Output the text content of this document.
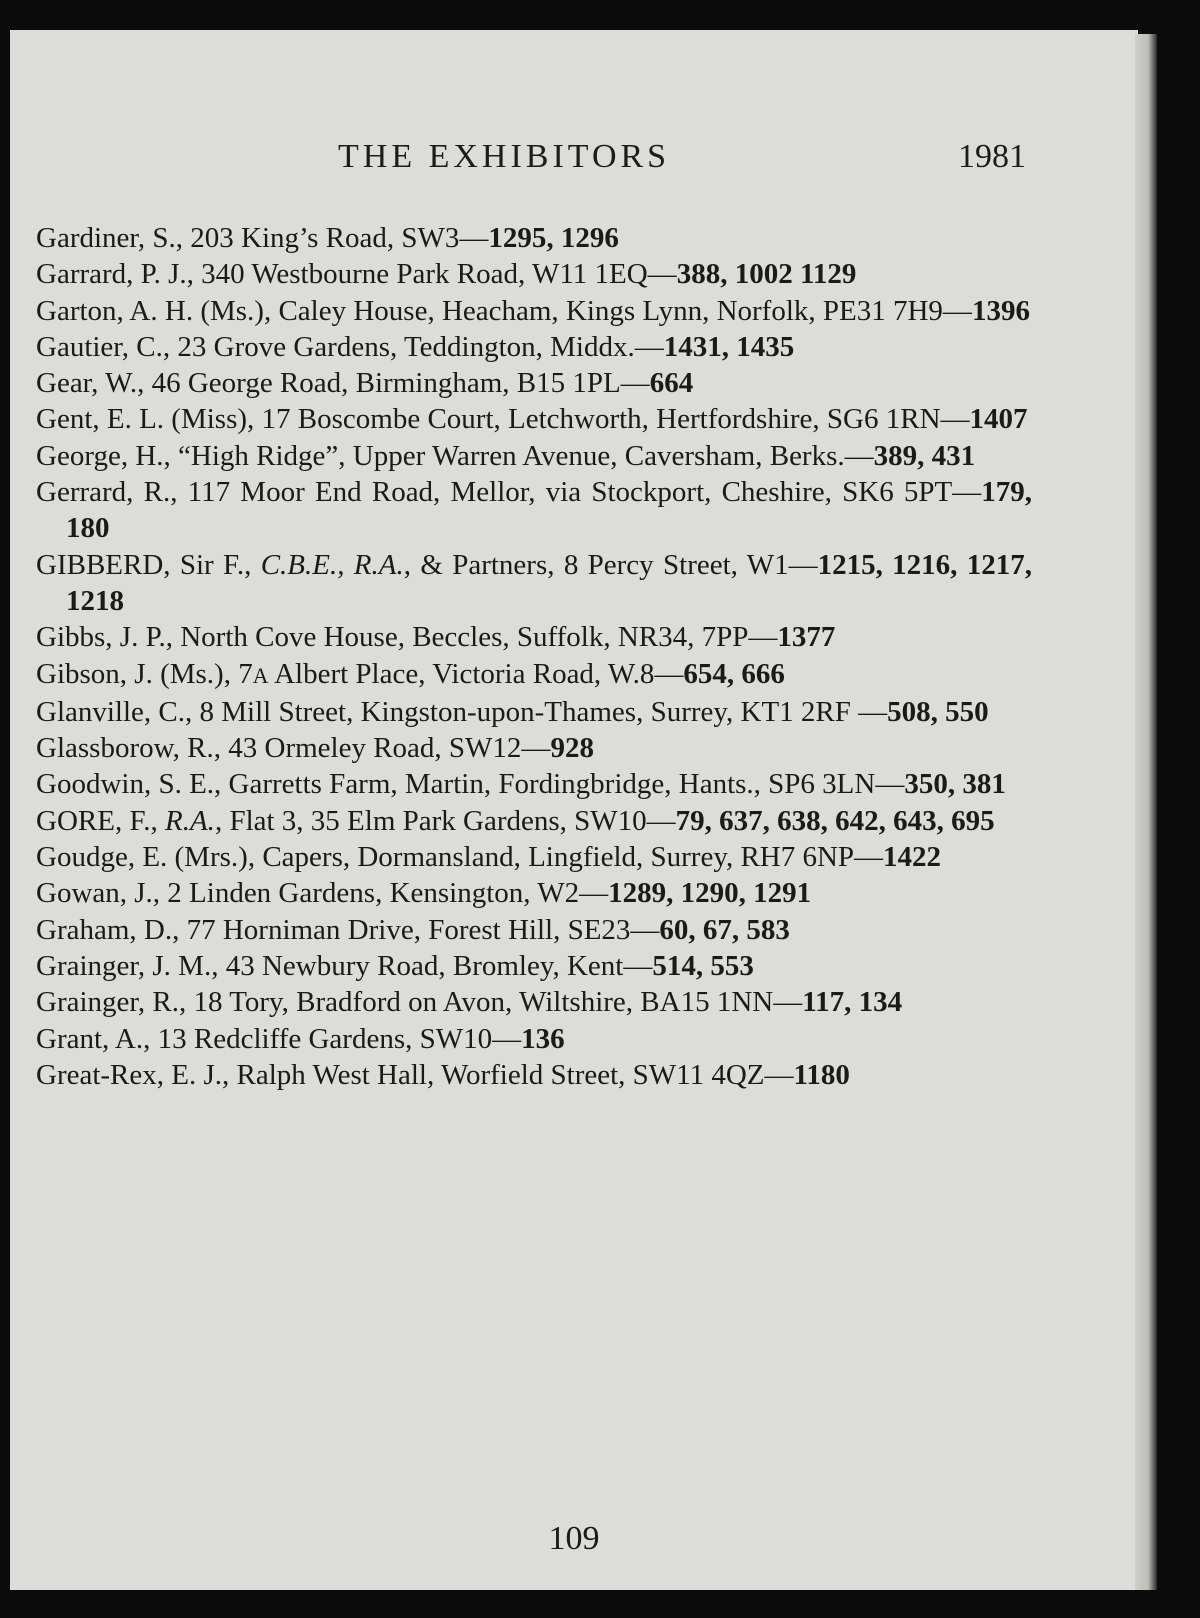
THE EXHIBITORS	1981
Gardiner, S., 203 King’s Road, SW3—1295, 1296
Garrard, P. J., 340 Westbourne Park Road, W11 1EQ—388, 1002 1129
Garton, A. H. (Ms.), Caley House, Heacham, Kings Lynn, Norfolk, PE31 7H9—1396
Gautier, C., 23 Grove Gardens, Teddington, Middx.—1431, 1435
Gear, W., 46 George Road, Birmingham, B15 1PL—664
Gent, E. L. (Miss), 17 Boscombe Court, Letchworth, Hertfordshire, SG6 1RN—1407
George, H., “High Ridge”, Upper Warren Avenue, Caversham, Berks.—389, 431
Gerrard, R., 117 Moor End Road, Mellor, via Stockport, Cheshire, SK6 5PT—179, 180
GIBBERD, Sir F., C.B.E., R.A., & Partners, 8 Percy Street, W1—1215, 1216, 1217, 1218
Gibbs, J. P., North Cove House, Beccles, Suffolk, NR34, 7PP—1377
Gibson, J. (Ms.), 7A Albert Place, Victoria Road, W.8—654, 666
Glanville, C., 8 Mill Street, Kingston-upon-Thames, Surrey, KT1 2RF —508, 550
Glassborow, R., 43 Ormeley Road, SW12—928
Goodwin, S. E., Garretts Farm, Martin, Fordingbridge, Hants., SP6 3LN—350, 381
GORE, F., R.A., Flat 3, 35 Elm Park Gardens, SW10—79, 637, 638, 642, 643, 695
Goudge, E. (Mrs.), Capers, Dormansland, Lingfield, Surrey, RH7 6NP—1422
Gowan, J., 2 Linden Gardens, Kensington, W2—1289, 1290, 1291
Graham, D., 77 Horniman Drive, Forest Hill, SE23—60, 67, 583
Grainger, J. M., 43 Newbury Road, Bromley, Kent—514, 553
Grainger, R., 18 Tory, Bradford on Avon, Wiltshire, BA15 1NN—117, 134
Grant, A., 13 Redcliffe Gardens, SW10—136
Great-Rex, E. J., Ralph West Hall, Worfield Street, SW11 4QZ—1180
109
